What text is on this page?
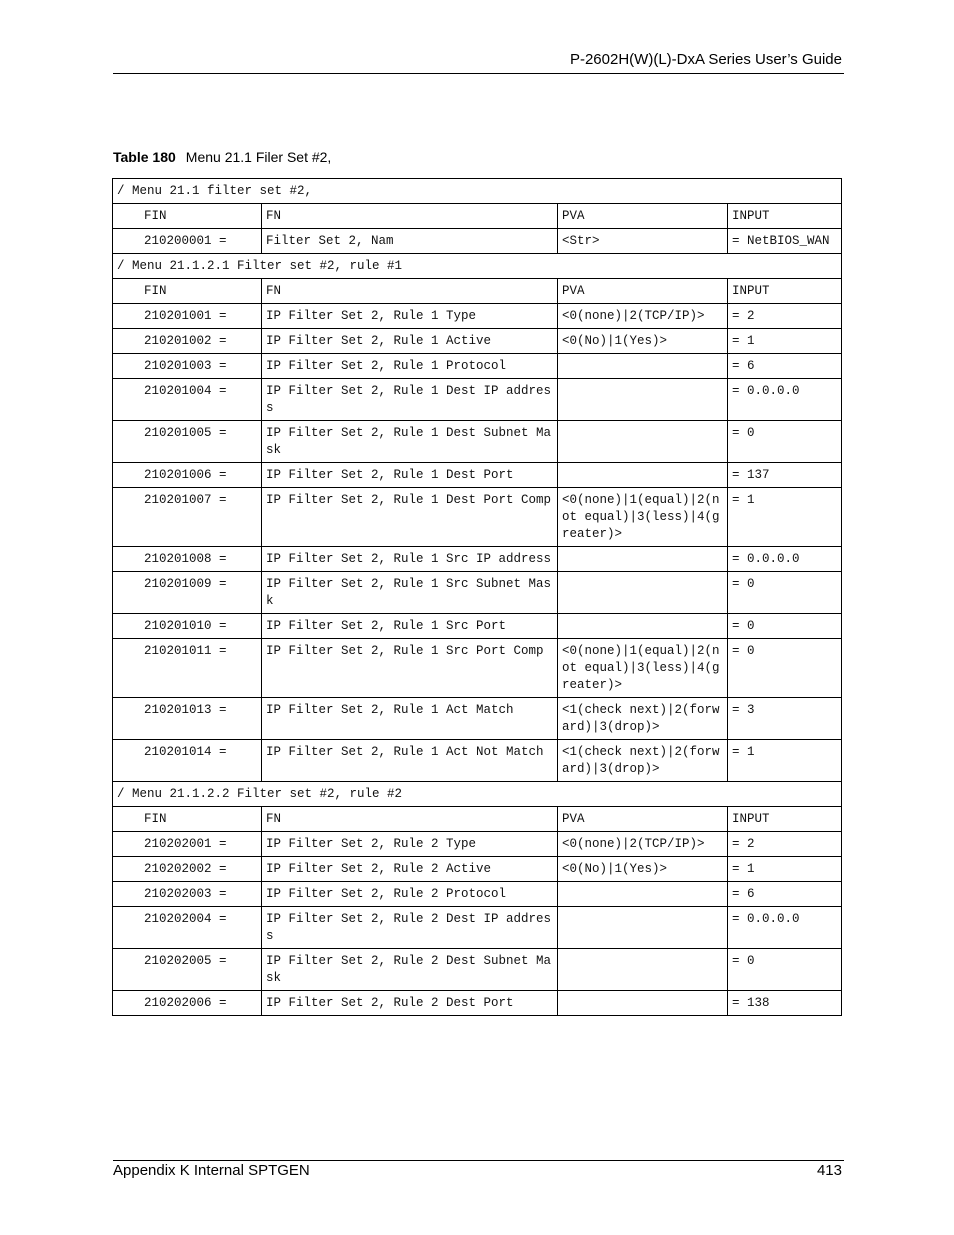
P-2602H(W)(L)-DxA Series User’s Guide
Table 180 Menu 21.1 Filer Set #2,
/ Menu 21.1 filter set #2,			
FIN	FN	PVA	INPUT
210200001 =	Filter Set 2, Nam	<Str>	= NetBIOS_WAN
/ Menu 21.1.2.1 Filter set #2, rule #1			
FIN	FN	PVA	INPUT
210201001 =	IP Filter Set 2, Rule 1 Type	<0(none)|2(TCP/IP)>	= 2
210201002 =	IP Filter Set 2, Rule 1 Active	<0(No)|1(Yes)>	= 1
210201003 =	IP Filter Set 2, Rule 1 Protocol		= 6
210201004 =	IP Filter Set 2, Rule 1 Dest IP address		= 0.0.0.0
210201005 =	IP Filter Set 2, Rule 1 Dest Subnet Mask		= 0
210201006 =	IP Filter Set 2, Rule 1 Dest Port		= 137
210201007 =	IP Filter Set 2, Rule 1 Dest Port Comp	<0(none)|1(equal)|2(not equal)|3(less)|4(greater)>	= 1
210201008 =	IP Filter Set 2, Rule 1 Src IP address		= 0.0.0.0
210201009 =	IP Filter Set 2, Rule 1 Src Subnet Mask		= 0
210201010 =	IP Filter Set 2, Rule 1 Src Port		= 0
210201011 =	IP Filter Set 2, Rule 1 Src Port Comp	<0(none)|1(equal)|2(not equal)|3(less)|4(greater)>	= 0
210201013 =	IP Filter Set 2, Rule 1 Act Match	<1(check next)|2(forward)|3(drop)>	= 3
210201014 =	IP Filter Set 2, Rule 1 Act Not Match	<1(check next)|2(forward)|3(drop)>	= 1
/ Menu 21.1.2.2 Filter set #2, rule #2			
FIN	FN	PVA	INPUT
210202001 =	IP Filter Set 2, Rule 2 Type	<0(none)|2(TCP/IP)>	= 2
210202002 =	IP Filter Set 2, Rule 2 Active	<0(No)|1(Yes)>	= 1
210202003 =	IP Filter Set 2, Rule 2 Protocol		= 6
210202004 =	IP Filter Set 2, Rule 2 Dest IP address		= 0.0.0.0
210202005 =	IP Filter Set 2, Rule 2 Dest Subnet Mask		= 0
210202006 =	IP Filter Set 2, Rule 2 Dest Port		= 138
Appendix K Internal SPTGEN	413
